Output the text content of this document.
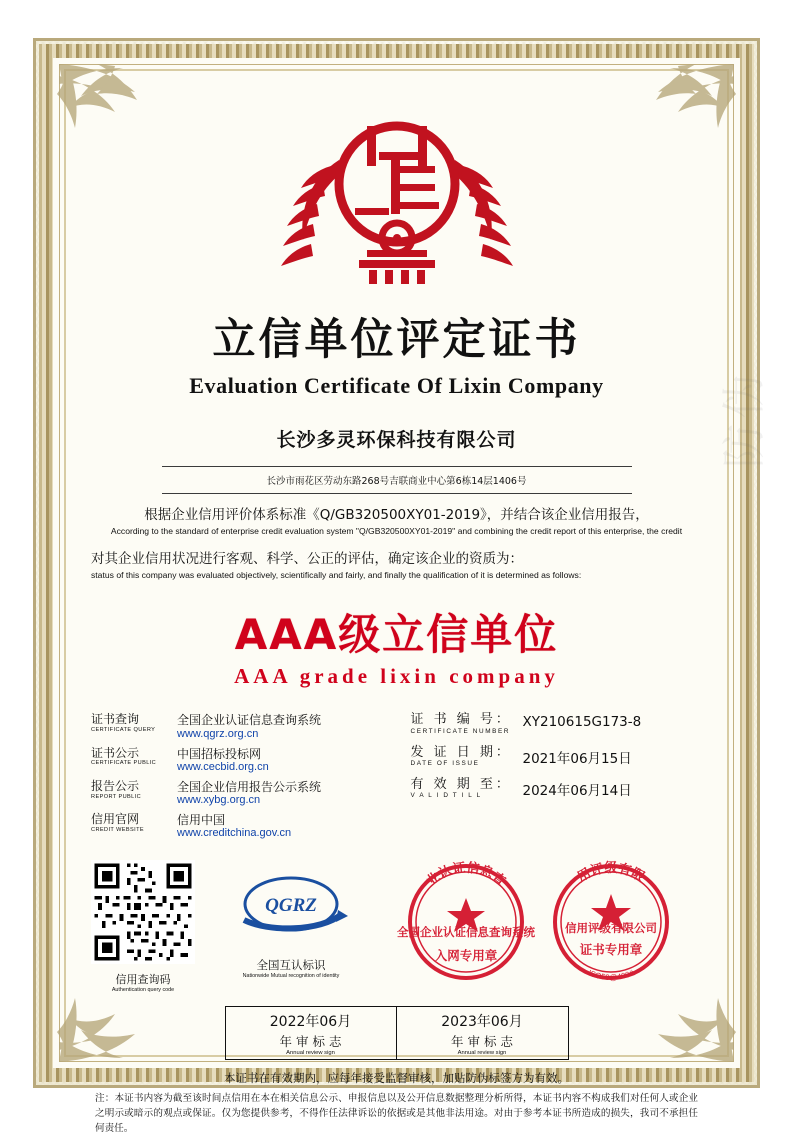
立信单位评定证书
Evaluation Certificate Of Lixin Company
长沙多灵环保科技有限公司
长沙市雨花区劳动东路268号吉联商业中心第6栋14层1406号
根据企业信用评价体系标准《Q/GB320500XY01-2019》，并结合该企业信用报告，
According to the standard of enterprise credit evaluation system "Q/GB320500XY01-2019" and combining the credit report of this enterprise, the credit
对其企业信用状况进行客观、科学、公正的评估，确定该企业的资质为：
status of this company was evaluated objectively, scientifically and fairly, and finally the qualification of it is determined as follows:
AAA级立信单位
AAA grade lixin company
证书查询
CERTIFICATE QUERY
全国企业认证信息查询系统
www.qgrz.org.cn
证书公示
CERTIFICATE PUBLIC
中国招标投标网
www.cecbid.org.cn
报告公示
REPORT PUBLIC
全国企业信用报告公示系统
www.xybg.org.cn
信用官网
CREDIT WEBSITE
信用中国
www.creditchina.gov.cn
证 书 编 号：
CERTIFICATE NUMBER
XY210615G173-8
发 证 日 期：
DATE OF ISSUE	2021年06月15日
有 效 期 至：
V A L I D T I L L	2024年06月14日
信用查询码
Authentication query code
QGRZ
全国互认标识
Nationwide Mutual recognition of identity
业认证信息查
全国企业认证信息查询系统
入网专用章
用评级有限
信用评级有限公司
证书专用章
ISO50@400#
2022年06月
年 审 标 志
Annual review sign
2023年06月
年 审 标 志
Annual review sign
本证书在有效期内，应每年接受监督审核，加贴防伪标签方为有效。
注：本证书内容为截至该时间点信用在本在相关信息公示、申报信息以及公开信息数据整理分析所得，本证书内容不构成我们对任何人或企业之明示或暗示的观点或保证。仅为您提供参考，不得作任法律诉讼的依据或是其他非法用途。对由于参考本证书所造成的损失，我司不承担任何责任。
